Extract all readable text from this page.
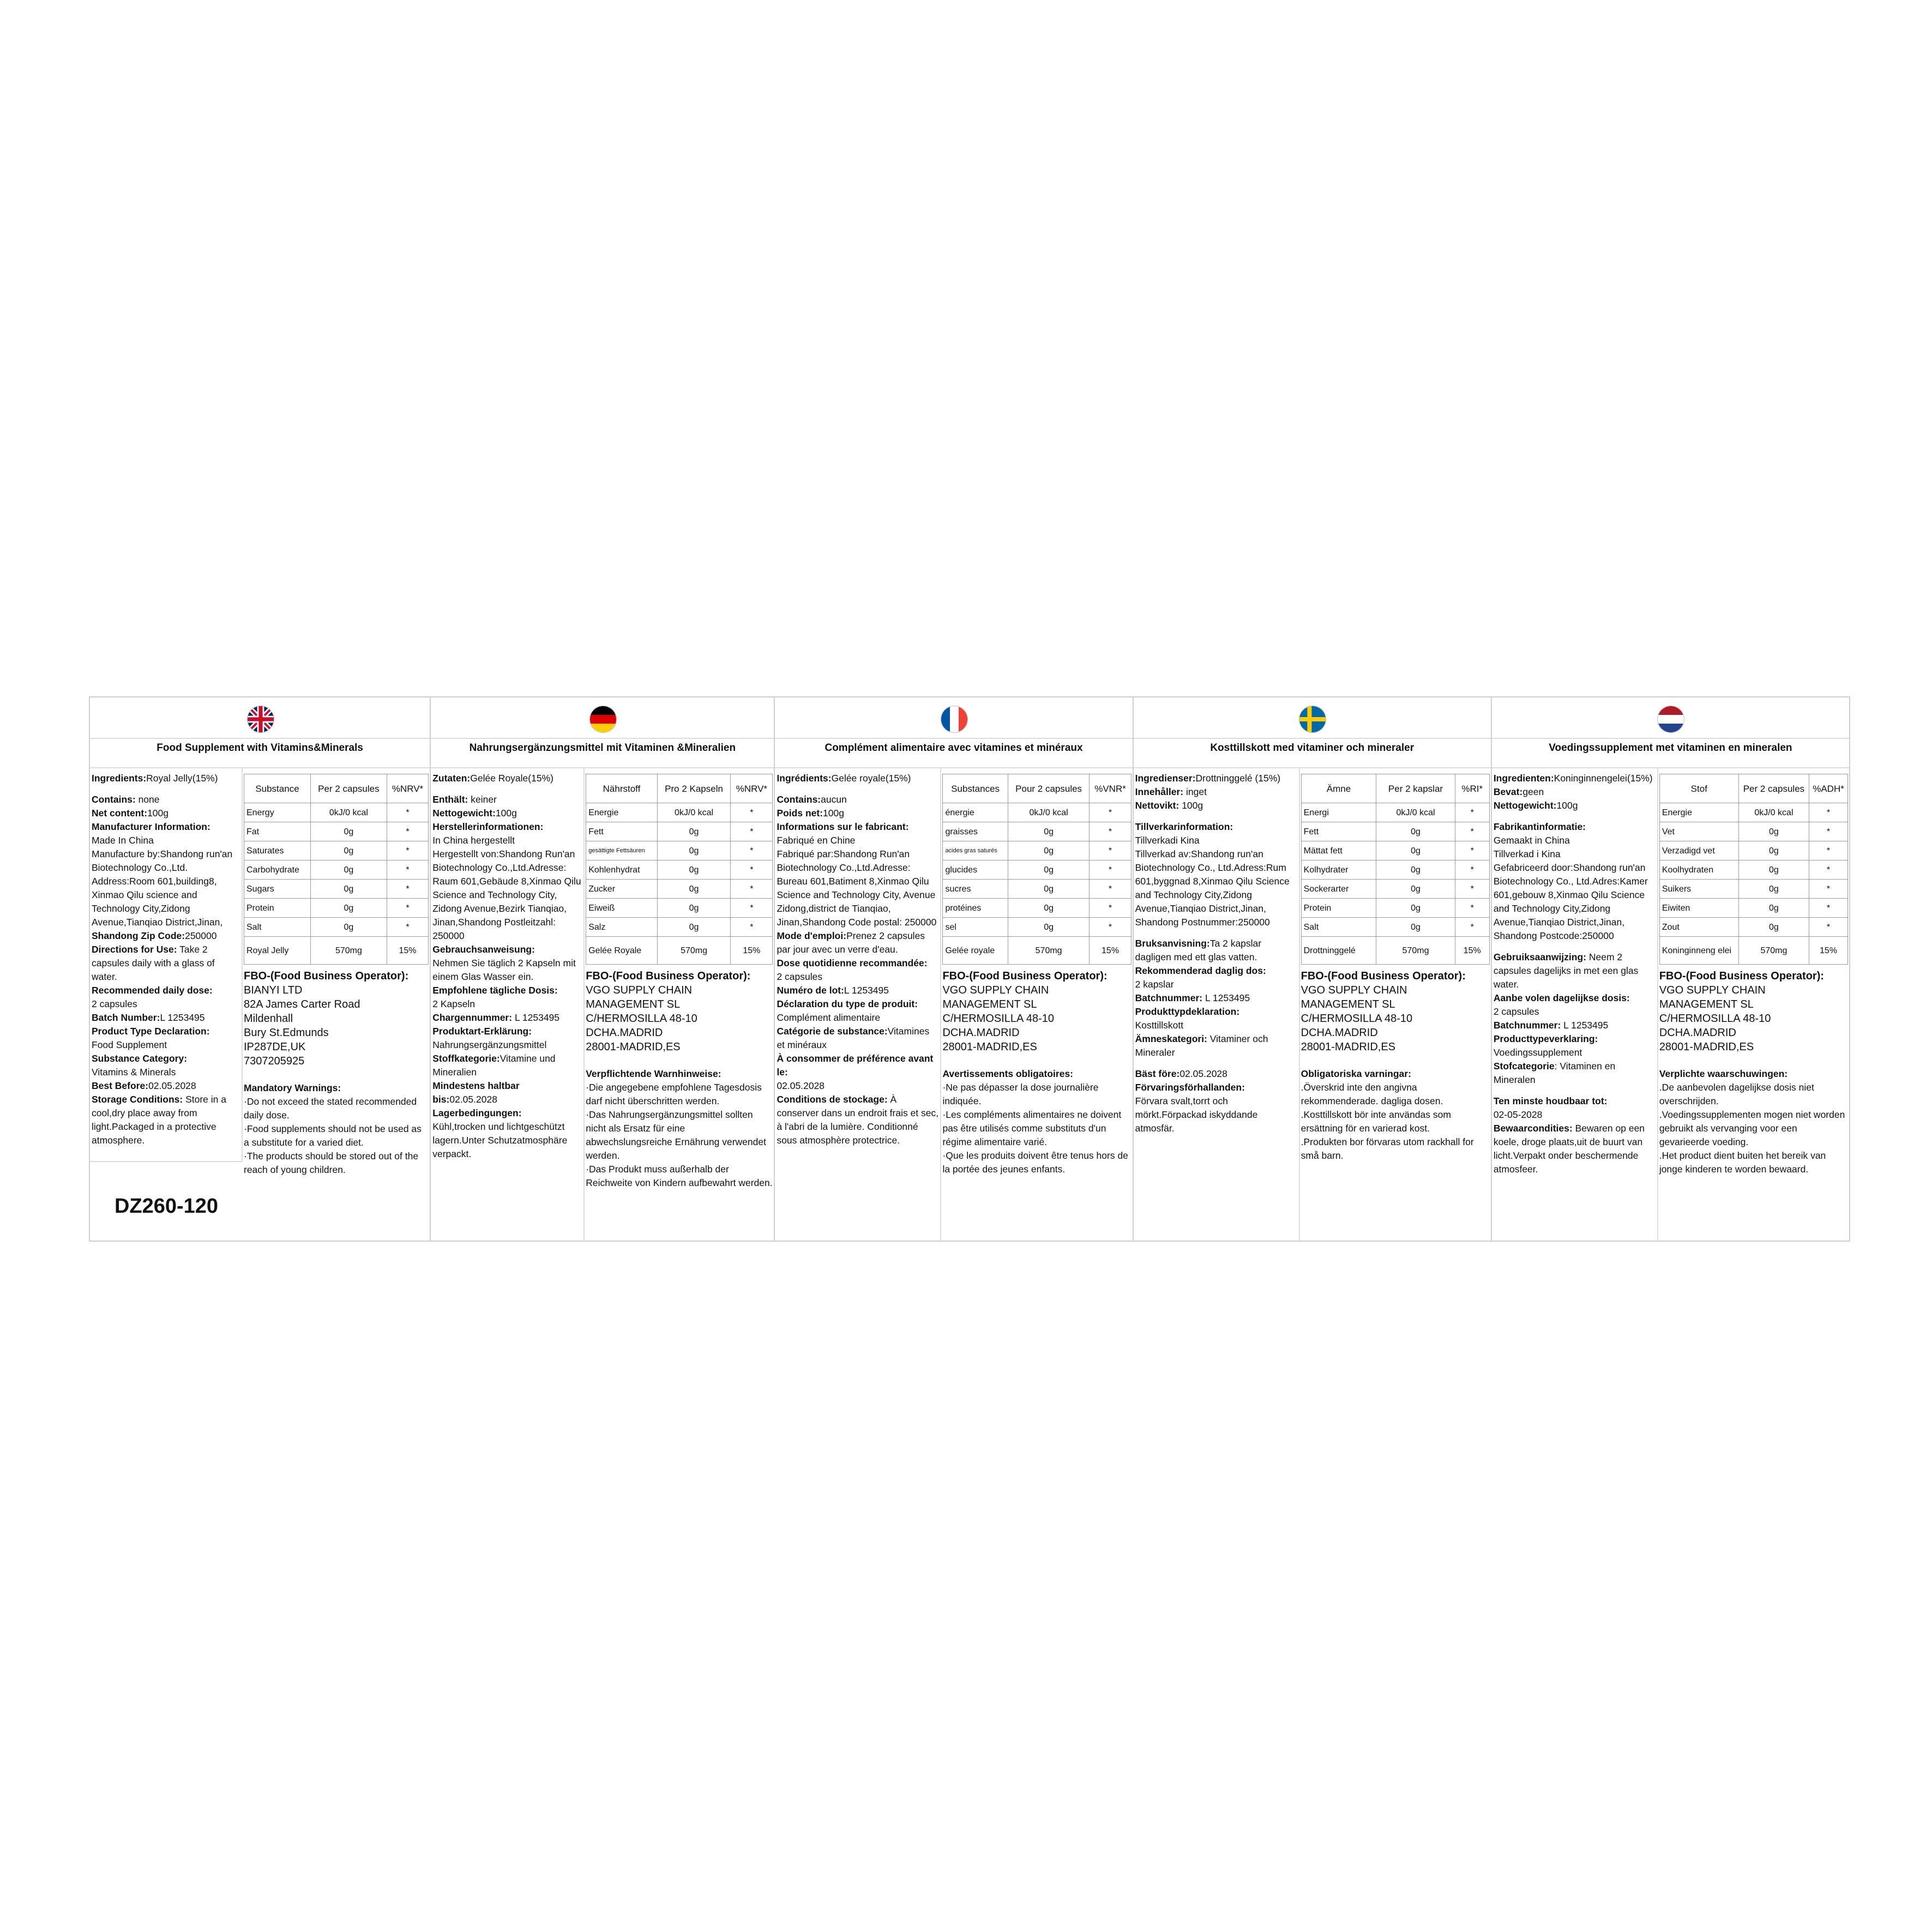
Food Supplement with Vitamins&Minerals
Ingredients:Royal Jelly(15%)
Contains: none
Net content:100g
Manufacturer Information:
Made In China
Manufacture by:Shandong run'an Biotechnology Co.,Ltd. Address:Room 601,building8, Xinmao Qilu science and Technology City,Zidong Avenue,Tianqiao District,Jinan,
Shandong Zip Code:250000
Directions for Use: Take 2 capsules daily with a glass of water.
Recommended daily dose:
2 capsules
Batch Number:L 1253495
Product Type Declaration:
Food Supplement
Substance Category:
Vitamins & Minerals
Best Before:02.05.2028
Storage Conditions: Store in a cool,dry place away from light.Packaged in a protective atmosphere.
Substance	Per 2 capsules	%NRV*
Energy	0kJ/0 kcal	*
Fat	0g	*
Saturates	0g	*
Carbohydrate	0g	*
Sugars	0g	*
Protein	0g	*
Salt	0g	*
Royal Jelly	570mg	15%
FBO-(Food Business Operator):
BIANYI LTD
82A James Carter Road
Mildenhall
Bury St.Edmunds
IP287DE,UK
7307205925
Mandatory Warnings:
·Do not exceed the stated recommended daily dose.
·Food supplements should not be used as a substitute for a varied diet.
·The products should be stored out of the reach of young children.
DZ260-120
Nahrungsergänzungsmittel mit Vitaminen &Mineralien
Zutaten:Gelée Royale(15%)
Enthält: keiner
Nettogewicht:100g
Herstellerinformationen:
In China hergestellt
Hergestellt von:Shandong Run'an Biotechnology Co.,Ltd.Adresse: Raum 601,Gebäude 8,Xinmao Qilu Science and Technology City, Zidong Avenue,Bezirk Tianqiao, Jinan,Shandong Postleitzahl: 250000
Gebrauchsanweisung:
Nehmen Sie täglich 2 Kapseln mit einem Glas Wasser ein.
Empfohlene tägliche Dosis:
2 Kapseln
Chargennummer: L 1253495
Produktart-Erklärung:
Nahrungsergänzungsmittel
Stoffkategorie:Vitamine und Mineralien
Mindestens haltbar bis:02.05.2028
Lagerbedingungen:
Kühl,trocken und lichtgeschützt lagern.Unter Schutzatmosphäre verpackt.
Nährstoff	Pro 2 Kapseln	%NRV*
Energie	0kJ/0 kcal	*
Fett	0g	*
gesättigte Fettsäuren	0g	*
Kohlenhydrat	0g	*
Zucker	0g	*
Eiweiß	0g	*
Salz	0g	*
Gelée Royale	570mg	15%
FBO-(Food Business Operator):
VGO SUPPLY CHAIN
MANAGEMENT SL
C/HERMOSILLA 48-10
DCHA.MADRID
28001-MADRID,ES
Verpflichtende Warnhinweise:
·Die angegebene empfohlene Tagesdosis darf nicht überschritten werden.
·Das Nahrungsergänzungsmittel sollten nicht als Ersatz für eine abwechslungsreiche Ernährung verwendet werden.
·Das Produkt muss außerhalb der Reichweite von Kindern aufbewahrt werden.
Complément alimentaire avec vitamines et minéraux
Ingrédients:Gelée royale(15%)
Contains:aucun
Poids net:100g
Informations sur le fabricant:
Fabriqué en Chine
Fabriqué par:Shandong Run'an Biotechnology Co.,Ltd.Adresse: Bureau 601,Batiment 8,Xinmao Qilu Science and Technology City, Avenue Zidong,district de Tianqiao, Jinan,Shandong Code postal: 250000
Mode d'emploi:Prenez 2 capsules par jour avec un verre d'eau.
Dose quotidienne recommandée:
2 capsules
Numéro de lot:L 1253495
Déclaration du type de produit:
Complément alimentaire
Catégorie de substance:Vitamines et minéraux
À consommer de préférence avant le:
02.05.2028
Conditions de stockage: À conserver dans un endroit frais et sec, à l'abri de la lumière. Conditionné sous atmosphère protectrice.
Substances	Pour 2 capsules	%VNR*
énergie	0kJ/0 kcal	*
graisses	0g	*
acides gras saturés	0g	*
glucides	0g	*
sucres	0g	*
protéines	0g	*
sel	0g	*
Gelée royale	570mg	15%
FBO-(Food Business Operator):
VGO SUPPLY CHAIN
MANAGEMENT SL
C/HERMOSILLA 48-10
DCHA.MADRID
28001-MADRID,ES
Avertissements obligatoires:
·Ne pas dépasser la dose journalière indiquée.
·Les compléments alimentaires ne doivent pas être utilisés comme substituts d'un régime alimentaire varié.
·Que les produits doivent être tenus hors de la portée des jeunes enfants.
Kosttillskott med vitaminer och mineraler
Ingredienser:Drottninggelé (15%)
Innehåller: inget
Nettovikt: 100g
Tillverkarinformation:
Tillverkadi Kina
Tillverkad av:Shandong run'an Biotechnology Co., Ltd.Adress:Rum 601,byggnad 8,Xinmao Qilu Science and Technology City,Zidong Avenue,Tianqiao District,Jinan, Shandong Postnummer:250000
Bruksanvisning:Ta 2 kapslar dagligen med ett glas vatten.
Rekommenderad daglig dos:
2 kapslar
Batchnummer: L 1253495
Produkttypdeklaration:
Kosttillskott
Ämneskategori: Vitaminer och Mineraler
Bäst före:02.05.2028
Förvaringsförhallanden:
Förvara svalt,torrt och mörkt.Förpackad iskyddande atmosfär.
Ämne	Per 2 kapslar	%RI*
Energi	0kJ/0 kcal	*
Fett	0g	*
Mättat fett	0g	*
Kolhydrater	0g	*
Sockerarter	0g	*
Protein	0g	*
Salt	0g	*
Drottninggelé	570mg	15%
FBO-(Food Business Operator):
VGO SUPPLY CHAIN
MANAGEMENT SL
C/HERMOSILLA 48-10
DCHA.MADRID
28001-MADRID,ES
Obligatoriska varningar:
.Överskrid inte den angivna rekommenderade. dagliga dosen.
.Kosttillskott bör inte användas som ersättning för en varierad kost.
.Produkten bor förvaras utom rackhall for små barn.
Voedingssupplement met vitaminen en mineralen
Ingredienten:Koninginnengelei(15%)
Bevat:geen
Nettogewicht:100g
Fabrikantinformatie:
Gemaakt in China
Tillverkad i Kina
Gefabriceerd door:Shandong run'an Biotechnology Co., Ltd.Adres:Kamer 601,gebouw 8,Xinmao Qilu Science and Technology City,Zidong Avenue,Tianqiao District,Jinan, Shandong Postcode:250000
Gebruiksaanwijzing: Neem 2 capsules dagelijks in met een glas water.
Aanbe volen dagelijkse dosis:
2 capsules
Batchnummer: L 1253495
Producttypeverklaring:
Voedingssupplement
Stofcategorie: Vitaminen en Mineralen
Ten minste houdbaar tot:
02-05-2028
Bewaarcondities: Bewaren op een koele, droge plaats,uit de buurt van licht.Verpakt onder beschermende atmosfeer.
Stof	Per 2 capsules	%ADH*
Energie	0kJ/0 kcal	*
Vet	0g	*
Verzadigd vet	0g	*
Koolhydraten	0g	*
Suikers	0g	*
Eiwiten	0g	*
Zout	0g	*
Koninginneng elei	570mg	15%
FBO-(Food Business Operator):
VGO SUPPLY CHAIN
MANAGEMENT SL
C/HERMOSILLA 48-10
DCHA.MADRID
28001-MADRID,ES
Verplichte waarschuwingen:
.De aanbevolen dagelijkse dosis niet overschrijden.
.Voedingssupplementen mogen niet worden gebruikt als vervanging voor een gevarieerde voeding.
.Het product dient buiten het bereik van jonge kinderen te worden bewaard.
